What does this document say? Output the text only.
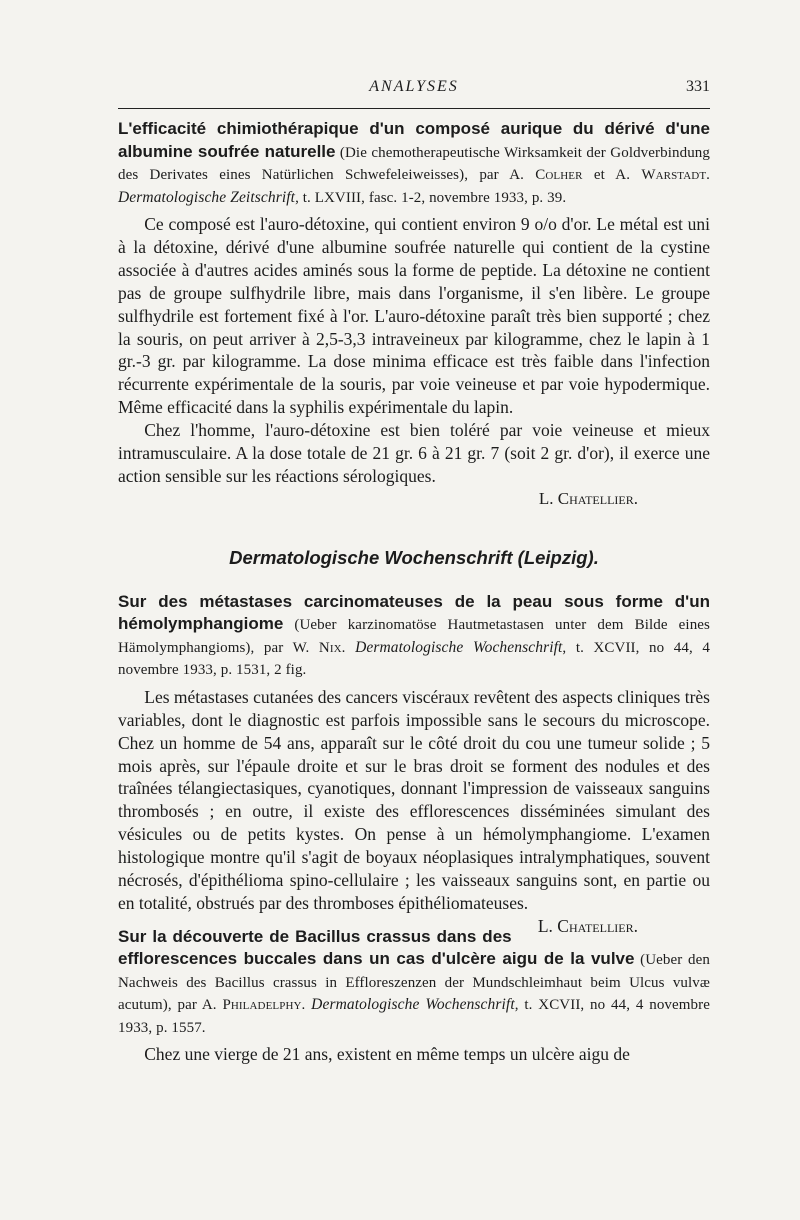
ANALYSES	331

L'efficacité chimiothérapique d'un composé aurique du dérivé d'une albumine soufrée naturelle (Die chemotherapeutische Wirksamkeit der Goldverbindung des Derivates eines Natürlichen Schwefeleiweisses), par A. Colher et A. Warstadt. Dermatologische Zeitschrift, t. LXVIII, fasc. 1-2, novembre 1933, p. 39.

Ce composé est l'auro-détoxine, qui contient environ 9 o/o d'or. Le métal est uni à la détoxine, dérivé d'une albumine soufrée naturelle qui contient de la cystine associée à d'autres acides aminés sous la forme de peptide. La détoxine ne contient pas de groupe sulfhydrile libre, mais dans l'organisme, il s'en libère. Le groupe sulfhydrile est fortement fixé à l'or. L'auro-détoxine paraît très bien supporté ; chez la souris, on peut arriver à 2,5-3,3 intraveineux par kilogramme, chez le lapin à 1 gr.-3 gr. par kilogramme. La dose minima efficace est très faible dans l'infection récurrente expérimentale de la souris, par voie veineuse et par voie hypodermique. Même efficacité dans la syphilis expérimentale du lapin.

Chez l'homme, l'auro-détoxine est bien toléré par voie veineuse et mieux intramusculaire. A la dose totale de 21 gr. 6 à 21 gr. 7 (soit 2 gr. d'or), il exerce une action sensible sur les réactions sérologiques.

L. Chatellier.

Dermatologische Wochenschrift (Leipzig).

Sur des métastases carcinomateuses de la peau sous forme d'un hémolymphangiome (Ueber karzinomatöse Hautmetastasen unter dem Bilde eines Hämolymphangioms), par W. Nix. Dermatologische Wochenschrift, t. XCVII, no 44, 4 novembre 1933, p. 1531, 2 fig.

Les métastases cutanées des cancers viscéraux revêtent des aspects cliniques très variables, dont le diagnostic est parfois impossible sans le secours du microscope. Chez un homme de 54 ans, apparaît sur le côté droit du cou une tumeur solide ; 5 mois après, sur l'épaule droite et sur le bras droit se forment des nodules et des traînées télangiectasiques, cyanotiques, donnant l'impression de vaisseaux sanguins thrombosés ; en outre, il existe des efflorescences disséminées simulant des vésicules ou de petits kystes. On pense à un hémolymphangiome. L'examen histologique montre qu'il s'agit de boyaux néoplasiques intralymphatiques, souvent nécrosés, d'épithélioma spino-cellulaire ; les vaisseaux sanguins sont, en partie ou en totalité, obstrués par des thromboses épithéliomateuses.
L. Chatellier.

Sur la découverte de Bacillus crassus dans des efflorescences buccales dans un cas d'ulcère aigu de la vulve (Ueber den Nachweis des Bacillus crassus in Effloreszenzen der Mundschleimhaut beim Ulcus vulvæ acutum), par A. Philadelphy. Dermatologische Wochenschrift, t. XCVII, no 44, 4 novembre 1933, p. 1557.

Chez une vierge de 21 ans, existent en même temps un ulcère aigu de
